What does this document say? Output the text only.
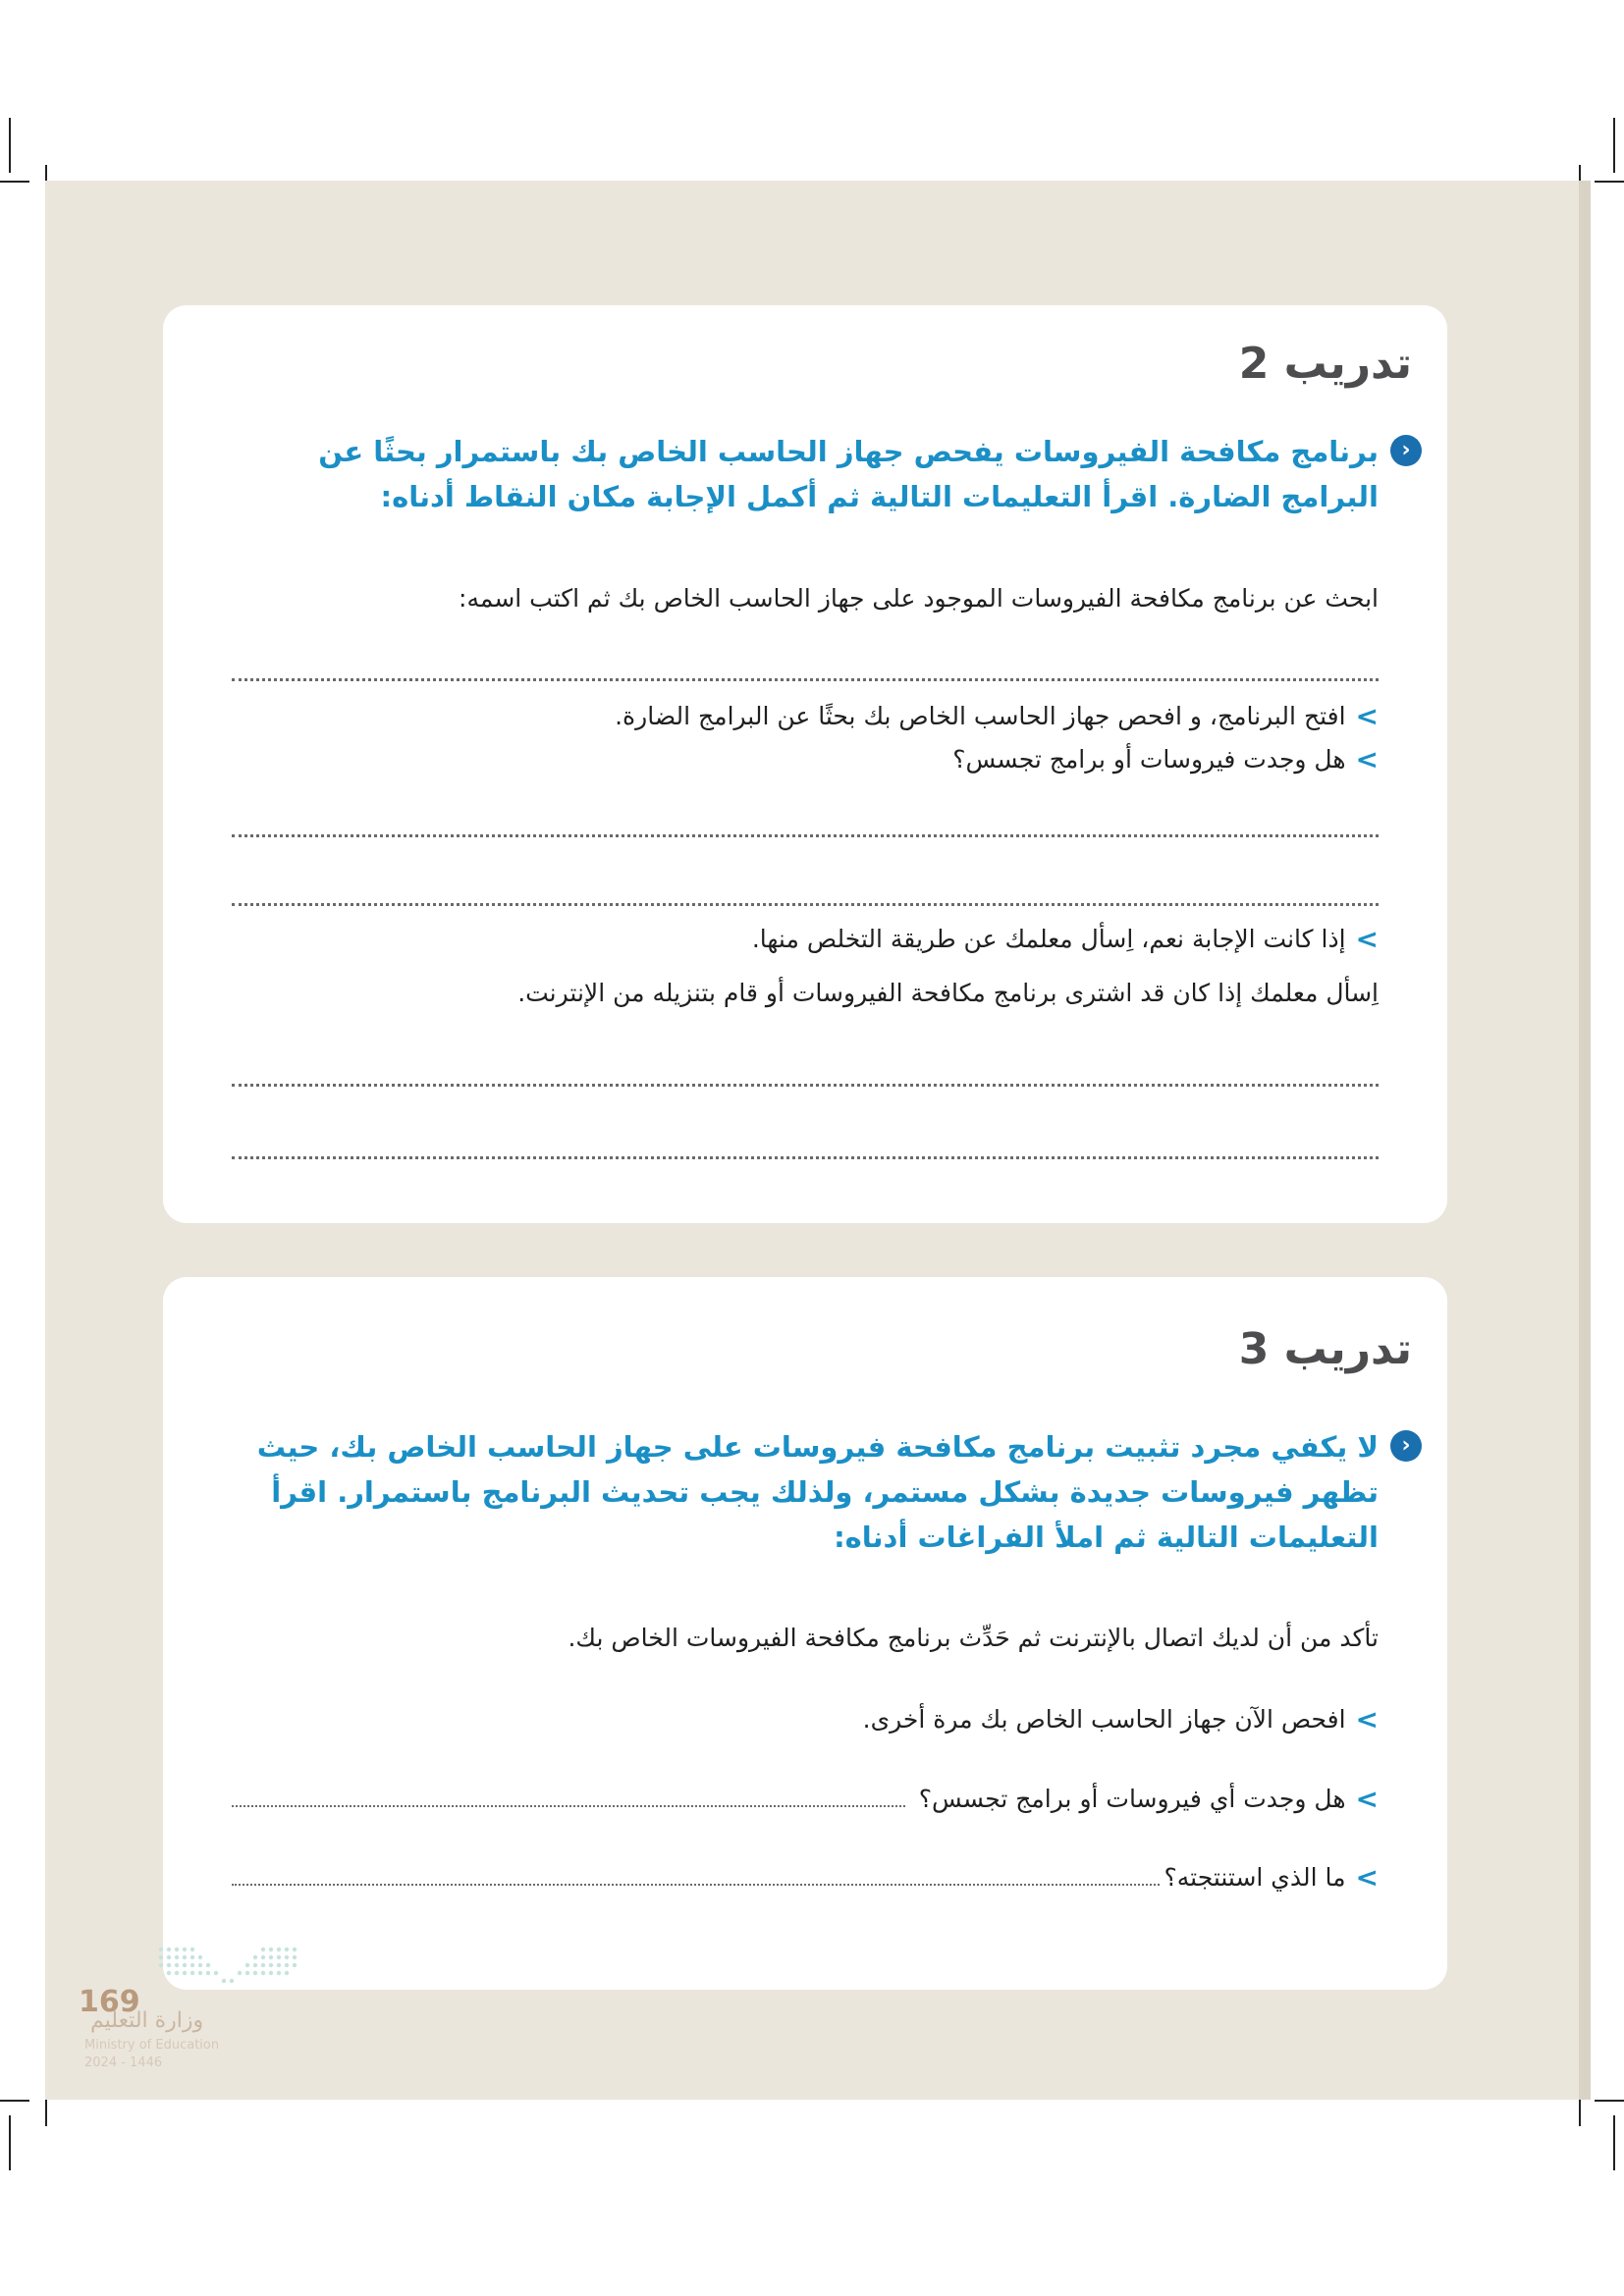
تدريب 2

‹
برنامج مكافحة الفيروسات يفحص جهاز الحاسب الخاص بك باستمرار بحثًا عن البرامج الضارة. اقرأ التعليمات التالية ثم أكمل الإجابة مكان النقاط أدناه:

ابحث عن برنامج مكافحة الفيروسات الموجود على جهاز الحاسب الخاص بك ثم اكتب اسمه:

>
افتح البرنامج، و افحص جهاز الحاسب الخاص بك بحثًا عن البرامج الضارة.
>
هل وجدت فيروسات أو برامج تجسس؟
>
إذا كانت الإجابة نعم، اِسأل معلمك عن طريقة التخلص منها.

اِسأل معلمك إذا كان قد اشترى برنامج مكافحة الفيروسات أو قام بتنزيله من الإنترنت.

تدريب 3

‹
لا يكفي مجرد تثبيت برنامج مكافحة فيروسات على جهاز الحاسب الخاص بك، حيث تظهر فيروسات جديدة بشكل مستمر، ولذلك يجب تحديث البرنامج باستمرار. اقرأ التعليمات التالية ثم املأ الفراغات أدناه:

تأكد من أن لديك اتصال بالإنترنت ثم حَدِّث برنامج مكافحة الفيروسات الخاص بك.

>
افحص الآن جهاز الحاسب الخاص بك مرة أخرى.
>
هل وجدت أي فيروسات أو برامج تجسس؟
>
ما الذي استنتجته؟

169

وزارة التعليم

Ministry of Education

2024 - 1446
